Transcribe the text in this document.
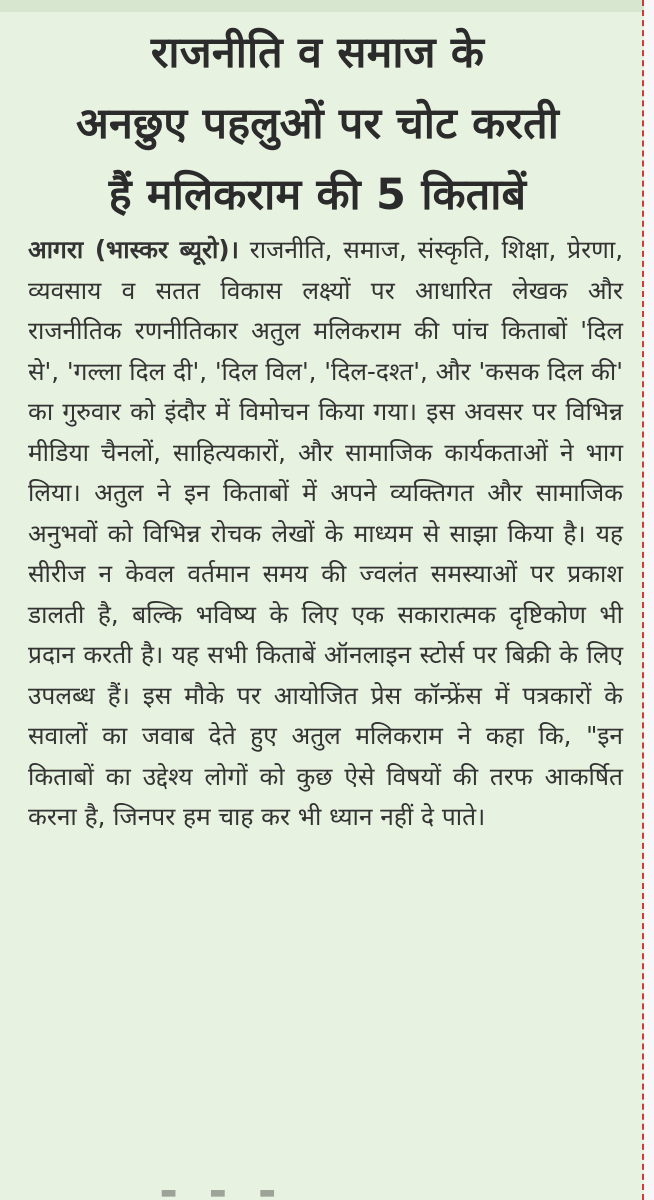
राजनीति व समाज के
अनछुए पहलुओं पर चोट करती
हैं मलिकराम की 5 किताबें
आगरा (भास्कर ब्यूरो)। राजनीति, समाज, संस्कृति, शिक्षा, प्रेरणा, व्यवसाय व सतत विकास लक्ष्यों पर आधारित लेखक और राजनीतिक रणनीतिकार अतुल मलिकराम की पांच किताबों 'दिल से', 'गल्ला दिल दी', 'दिल विल', 'दिल-दश्त', और 'कसक दिल की' का गुरुवार को इंदौर में विमोचन किया गया। इस अवसर पर विभिन्न मीडिया चैनलों, साहित्यकारों, और सामाजिक कार्यकताओं ने भाग लिया। अतुल ने इन किताबों में अपने व्यक्तिगत और सामाजिक अनुभवों को विभिन्न रोचक लेखों के माध्यम से साझा किया है। यह सीरीज न केवल वर्तमान समय की ज्वलंत समस्याओं पर प्रकाश डालती है, बल्कि भविष्य के लिए एक सकारात्मक दृष्टिकोण भी प्रदान करती है। यह सभी किताबें ऑनलाइन स्टोर्स पर बिक्री के लिए उपलब्ध हैं। इस मौके पर आयोजित प्रेस कॉन्फ्रेंस में पत्रकारों के सवालों का जवाब देते हुए अतुल मलिकराम ने कहा कि, "इन किताबों का उद्देश्य लोगों को कुछ ऐसे विषयों की तरफ आकर्षित करना है, जिनपर हम चाह कर भी ध्यान नहीं दे पाते।
▬ ▬ ▬
